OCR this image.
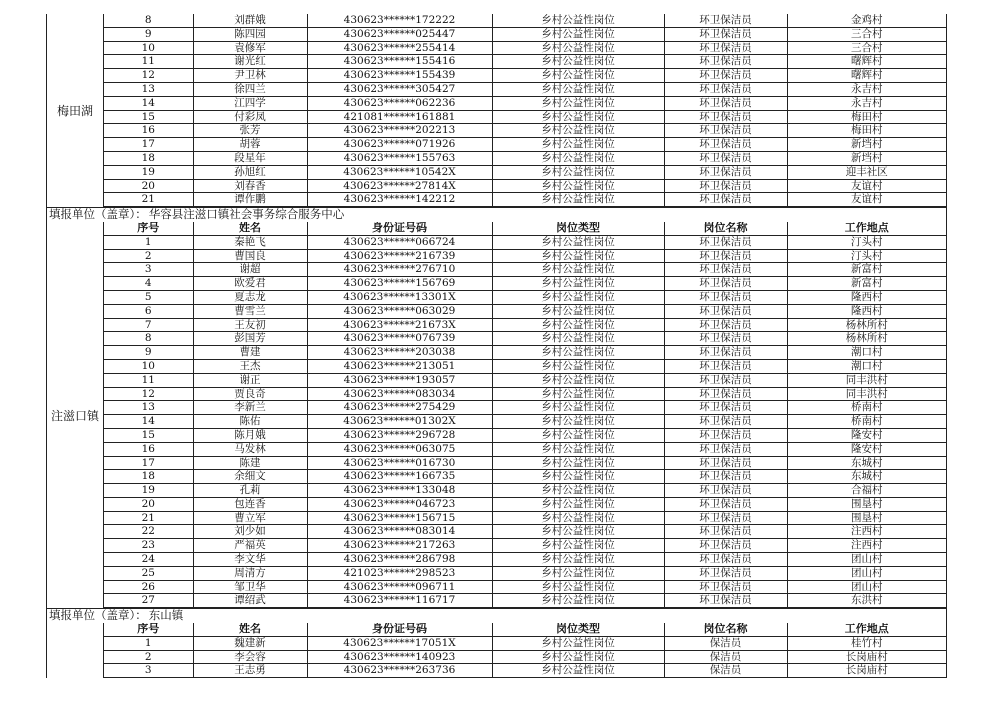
梅田湖
8	刘群娥	430623******172222	乡村公益性岗位	环卫保洁员	金鸡村
9	陈四园	430623******025447	乡村公益性岗位	环卫保洁员	三合村
10	袁修军	430623******255414	乡村公益性岗位	环卫保洁员	三合村
11	谢光红	430623******155416	乡村公益性岗位	环卫保洁员	曙辉村
12	尹卫林	430623******155439	乡村公益性岗位	环卫保洁员	曙辉村
13	徐四兰	430623******305427	乡村公益性岗位	环卫保洁员	永吉村
14	江四学	430623******062236	乡村公益性岗位	环卫保洁员	永吉村
15	付彩凤	421081******161881	乡村公益性岗位	环卫保洁员	梅田村
16	张芳	430623******202213	乡村公益性岗位	环卫保洁员	梅田村
17	胡蓉	430623******071926	乡村公益性岗位	环卫保洁员	新垱村
18	段星年	430623******155763	乡村公益性岗位	环卫保洁员	新垱村
19	孙旭红	430623******10542X	乡村公益性岗位	环卫保洁员	迎丰社区
20	刘春香	430623******27814X	乡村公益性岗位	环卫保洁员	友谊村
21	谭作鹏	430623******142212	乡村公益性岗位	环卫保洁员	友谊村
填报单位（盖章）： 华容县注滋口镇社会事务综合服务中心
注滋口镇
序号	姓名	身份证号码	岗位类型	岗位名称	工作地点
1	秦艳飞	430623******066724	乡村公益性岗位	环卫保洁员	汀头村
2	曹国良	430623******216739	乡村公益性岗位	环卫保洁员	汀头村
3	谢超	430623******276710	乡村公益性岗位	环卫保洁员	新富村
4	欧爱君	430623******156769	乡村公益性岗位	环卫保洁员	新富村
5	夏志龙	430623******13301X	乡村公益性岗位	环卫保洁员	隆西村
6	曹雪兰	430623******063029	乡村公益性岗位	环卫保洁员	隆西村
7	王友初	430623******21673X	乡村公益性岗位	环卫保洁员	杨林所村
8	彭国芳	430623******076739	乡村公益性岗位	环卫保洁员	杨林所村
9	曹建	430623******203038	乡村公益性岗位	环卫保洁员	潮口村
10	王杰	430623******213051	乡村公益性岗位	环卫保洁员	潮口村
11	谢正	430623******193057	乡村公益性岗位	环卫保洁员	同丰洪村
12	贾良奇	430623******083034	乡村公益性岗位	环卫保洁员	同丰洪村
13	李新兰	430623******275429	乡村公益性岗位	环卫保洁员	桥南村
14	陈佑	430623******01302X	乡村公益性岗位	环卫保洁员	桥南村
15	陈月娥	430623******296728	乡村公益性岗位	环卫保洁员	隆安村
16	马发林	430623******063075	乡村公益性岗位	环卫保洁员	隆安村
17	陈建	430623******016730	乡村公益性岗位	环卫保洁员	东城村
18	余细文	430623******166735	乡村公益性岗位	环卫保洁员	东城村
19	孔莉	430623******133048	乡村公益性岗位	环卫保洁员	合福村
20	包连香	430623******046723	乡村公益性岗位	环卫保洁员	围垦村
21	曹立军	430623******156715	乡村公益性岗位	环卫保洁员	围垦村
22	刘少如	430623******083014	乡村公益性岗位	环卫保洁员	注西村
23	严福英	430623******217263	乡村公益性岗位	环卫保洁员	注西村
24	李文华	430623******286798	乡村公益性岗位	环卫保洁员	团山村
25	周清方	421023******298523	乡村公益性岗位	环卫保洁员	团山村
26	邹卫华	430623******096711	乡村公益性岗位	环卫保洁员	团山村
27	谭绍武	430623******116717	乡村公益性岗位	环卫保洁员	东洪村
填报单位（盖章）： 东山镇
序号	姓名	身份证号码	岗位类型	岗位名称	工作地点
1	魏建新	430623******17051X	乡村公益性岗位	保洁员	桂竹村
2	李会容	430623******140923	乡村公益性岗位	保洁员	长岗庙村
3	王志勇	430623******263736	乡村公益性岗位	保洁员	长岗庙村
